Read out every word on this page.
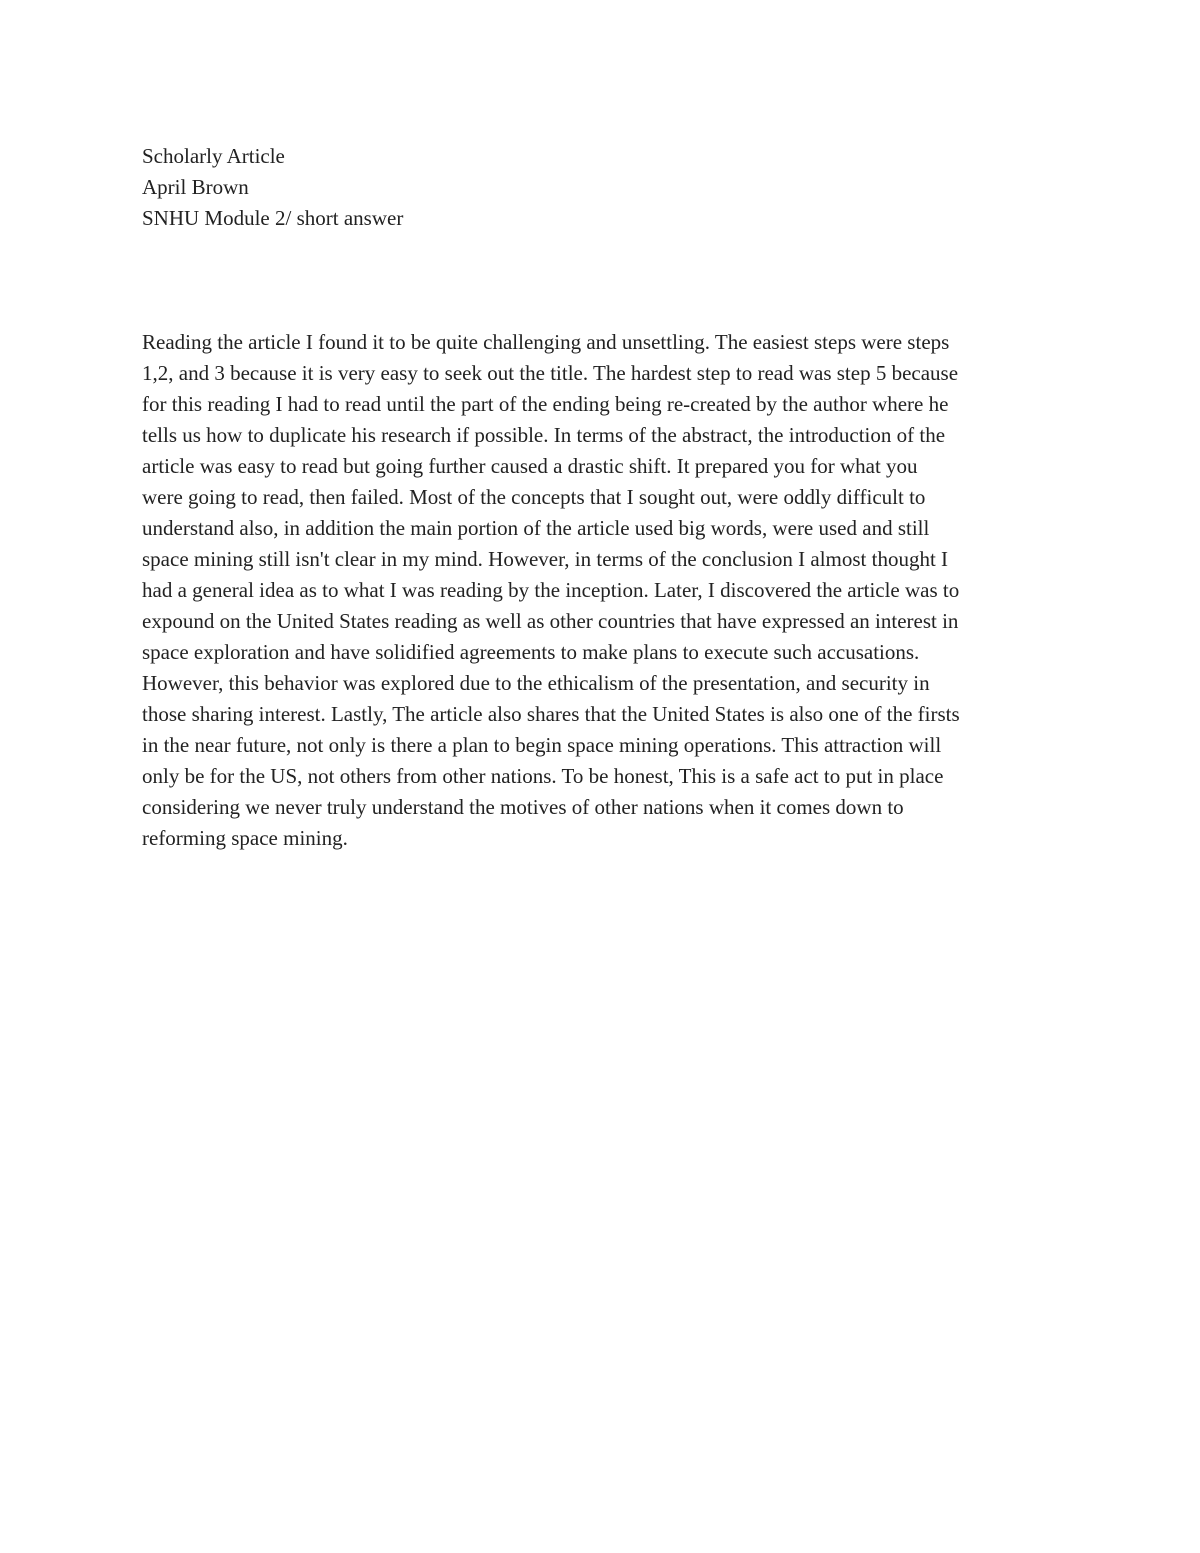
Scholarly Article

April Brown

SNHU Module 2/ short answer

Reading the article I found it to be quite challenging and unsettling. The easiest steps were steps

1,2, and 3 because it is very easy to seek out the title. The hardest step to read was step 5 because

for this reading I had to read until the part of the ending being re-created by the author where he

tells us how to duplicate his research if possible. In terms of the abstract, the introduction of the

article was easy to read but going further caused a drastic shift. It prepared you for what you

were going to read, then failed. Most of the concepts that I sought out, were oddly difficult to

understand also, in addition the main portion of the article used big words, were used and still

space mining still isn't clear in my mind. However, in terms of the conclusion I almost thought I

had a general idea as to what I was reading by the inception. Later, I discovered the article was to

expound on the United States reading as well as other countries that have expressed an interest in

space exploration and have solidified agreements to make plans to execute such accusations.

However, this behavior was explored due to the ethicalism of the presentation, and security in

those sharing interest. Lastly, The article also shares that the United States is also one of the firsts

in the near future, not only is there a plan to begin space mining operations. This attraction will

only be for the US, not others from other nations. To be honest, This is a safe act to put in place

considering we never truly understand the motives of other nations when it comes down to

reforming space mining.
